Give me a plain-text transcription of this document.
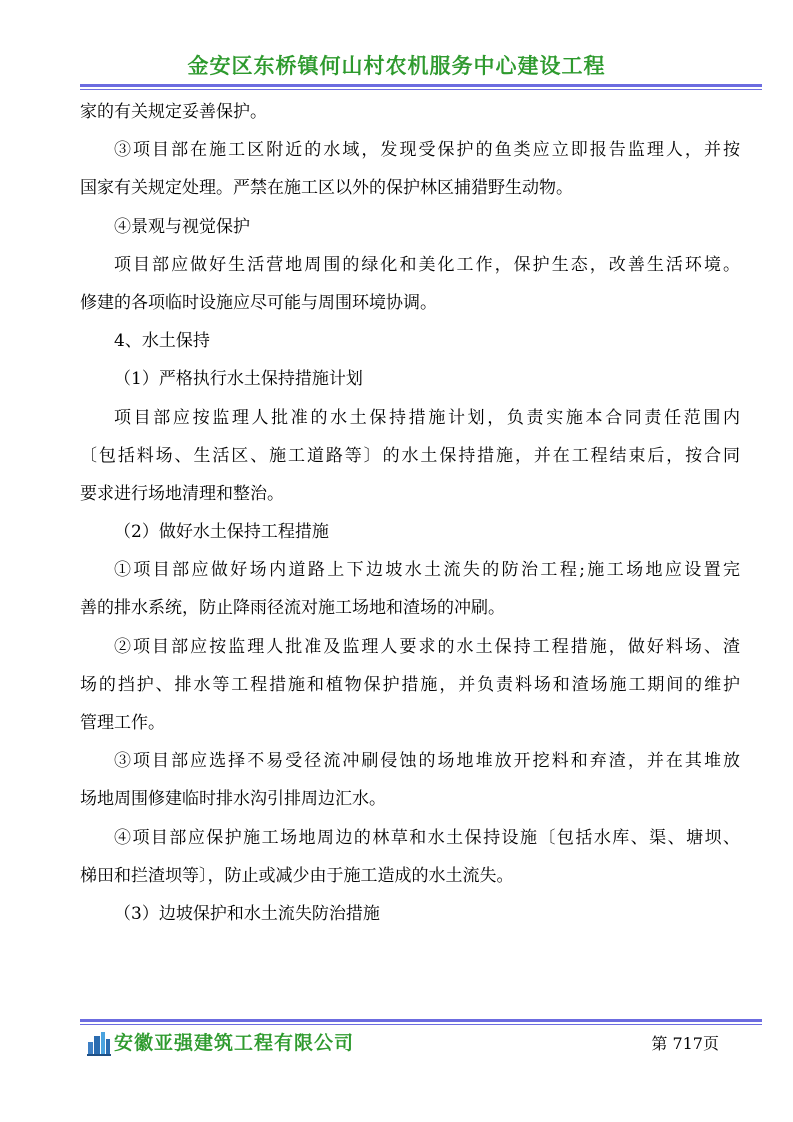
金安区东桥镇何山村农机服务中心建设工程
家的有关规定妥善保护。
③项目部在施工区附近的水域，发现受保护的鱼类应立即报告监理人，并按
国家有关规定处理。严禁在施工区以外的保护林区捕猎野生动物。
④景观与视觉保护
项目部应做好生活营地周围的绿化和美化工作，保护生态，改善生活环境。
修建的各项临时设施应尽可能与周围环境协调。
4、水土保持
（1）严格执行水土保持措施计划
项目部应按监理人批准的水土保持措施计划，负责实施本合同责任范围内
〔包括料场、生活区、施工道路等〕的水土保持措施，并在工程结束后，按合同
要求进行场地清理和整治。
（2）做好水土保持工程措施
①项目部应做好场内道路上下边坡水土流失的防治工程;施工场地应设置完
善的排水系统，防止降雨径流对施工场地和渣场的冲刷。
②项目部应按监理人批准及监理人要求的水土保持工程措施，做好料场、渣
场的挡护、排水等工程措施和植物保护措施，并负责料场和渣场施工期间的维护
管理工作。
③项目部应选择不易受径流冲刷侵蚀的场地堆放开挖料和弃渣，并在其堆放
场地周围修建临时排水沟引排周边汇水。
④项目部应保护施工场地周边的林草和水土保持设施〔包括水库、渠、塘坝、
梯田和拦渣坝等〕，防止或减少由于施工造成的水土流失。
（3）边坡保护和水土流失防治措施
安徽亚强建筑工程有限公司	第 717页
